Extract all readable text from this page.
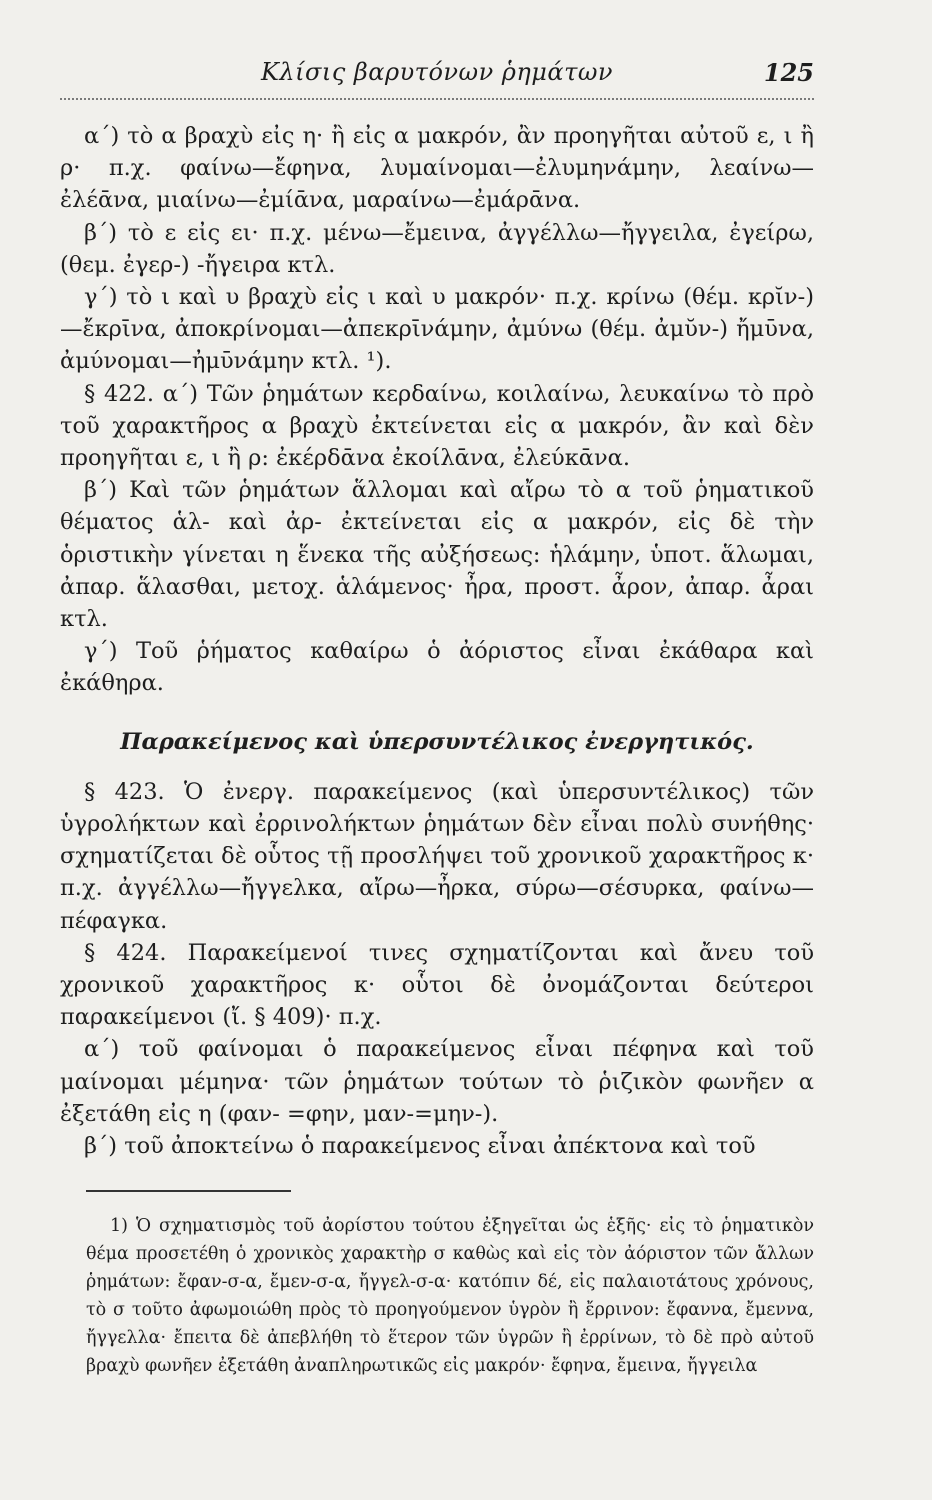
Κλίσις βαρυτόνων ῥημάτων	125

α΄) τὸ α βραχὺ εἰς η· ἢ εἰς α μακρόν, ἂν προηγῆται αὐτοῦ ε, ι ἢ ρ· π.χ. φαίνω—ἔφηνα, λυμαίνομαι—ἐλυμηνάμην, λεαίνω—ἐλέᾱνα, μιαίνω—ἐμίᾱνα, μαραίνω—ἐμάρᾱνα.

β΄) τὸ ε εἰς ει· π.χ. μένω—ἔμεινα, ἀγγέλλω—ἤγγειλα, ἐγείρω, (θεμ. ἐγερ-) -ἤγειρα κτλ.

γ΄) τὸ ι καὶ υ βραχὺ εἰς ι καὶ υ μακρόν· π.χ. κρίνω (θέμ. κρῐν-) —ἔκρῑνα, ἀποκρίνομαι—ἀπεκρῑνάμην, ἀμύνω (θέμ. ἀμῠν-) ἤμῡνα, ἀμύνομαι—ἠμῡνάμην κτλ. ¹).

§ 422. α΄) Τῶν ῥημάτων κερδαίνω, κοιλαίνω, λευκαίνω τὸ πρὸ τοῦ χαρακτῆρος α βραχὺ ἐκτείνεται εἰς α μακρόν, ἂν καὶ δὲν προηγῆται ε, ι ἢ ρ: ἐκέρδᾱνα ἐκοίλᾱνα, ἐλεύκᾱνα.

β΄) Καὶ τῶν ῥημάτων ἅλλομαι καὶ αἴρω τὸ α τοῦ ῥηματικοῦ θέματος ἁλ- καὶ ἀρ- ἐκτείνεται εἰς α μακρόν, εἰς δὲ τὴν ὁριστικὴν γίνεται η ἕνεκα τῆς αὐξήσεως: ἡλάμην, ὑποτ. ἅλωμαι, ἀπαρ. ἅλασθαι, μετοχ. ἁλάμενος· ἦρα, προστ. ἆρον, ἀπαρ. ἆραι κτλ.

γ΄) Τοῦ ῥήματος καθαίρω ὁ ἀόριστος εἶναι ἐκάθαρα καὶ ἐκάθηρα.

Παρακείμενος καὶ ὑπερσυντέλικος ἐνεργητικός.

§ 423. Ὁ ἐνεργ. παρακείμενος (καὶ ὑπερσυντέλικος) τῶν ὑγρολήκτων καὶ ἐρρινολήκτων ῥημάτων δὲν εἶναι πολὺ συνήθης· σχηματίζεται δὲ οὗτος τῇ προσλήψει τοῦ χρονικοῦ χαρακτῆρος κ· π.χ. ἀγγέλλω—ἤγγελκα, αἴρω—ἦρκα, σύρω—σέσυρκα, φαίνω—πέφαγκα.

§ 424. Παρακείμενοί τινες σχηματίζονται καὶ ἄνευ τοῦ χρονικοῦ χαρακτῆρος κ· οὗτοι δὲ ὀνομάζονται δεύτεροι παρακείμενοι (ἴ. § 409)· π.χ.

α΄) τοῦ φαίνομαι ὁ παρακείμενος εἶναι πέφηνα καὶ τοῦ μαίνομαι μέμηνα· τῶν ῥημάτων τούτων τὸ ῥιζικὸν φωνῆεν α ἐξετάθη εἰς η (φαν- =φην, μαν-=μην-).

β΄) τοῦ ἀποκτείνω ὁ παρακείμενος εἶναι ἀπέκτονα καὶ τοῦ

1) Ὁ σχηματισμὸς τοῦ ἀορίστου τούτου ἐξηγεῖται ὡς ἑξῆς· εἰς τὸ ῥηματικὸν θέμα προσετέθη ὁ χρονικὸς χαρακτὴρ σ καθὼς καὶ εἰς τὸν ἀόριστον τῶν ἄλλων ῥημάτων: ἔφαν-σ-α, ἔμεν-σ-α, ἤγγελ-σ-α· κατόπιν δέ, εἰς παλαιοτάτους χρόνους, τὸ σ τοῦτο ἀφωμοιώθη πρὸς τὸ προηγούμενον ὑγρὸν ἢ ἔρρινον: ἔφαννα, ἔμεννα, ἤγγελλα· ἔπειτα δὲ ἀπεβλήθη τὸ ἕτερον τῶν ὑγρῶν ἢ ἐρρίνων, τὸ δὲ πρὸ αὐτοῦ βραχὺ φωνῆεν ἐξετάθη ἀναπληρωτικῶς εἰς μακρόν· ἔφηνα, ἔμεινα, ἤγγειλα
